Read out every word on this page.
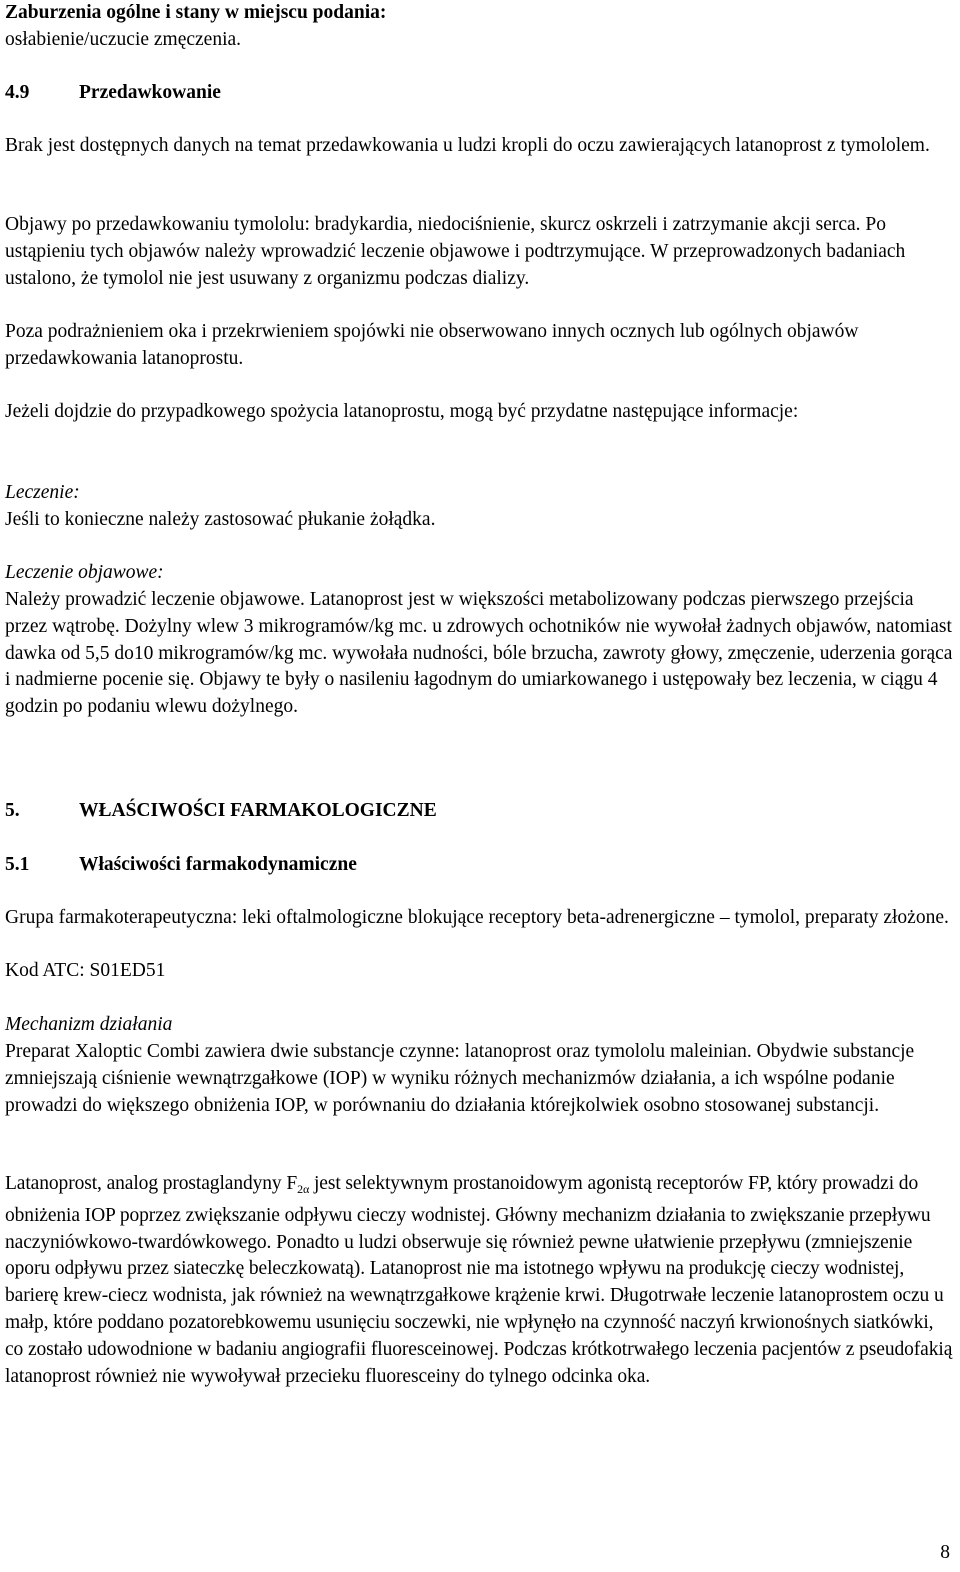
Zaburzenia ogólne i stany w miejscu podania:

osłabienie/uczucie zmęczenia.

4.9	Przedawkowanie

Brak jest dostępnych danych na temat przedawkowania u ludzi kropli do oczu zawierających latanoprost z tymololem.

Objawy po przedawkowaniu tymololu: bradykardia, niedociśnienie, skurcz oskrzeli i zatrzymanie akcji serca. Po ustąpieniu tych objawów należy wprowadzić leczenie objawowe i podtrzymujące. W przeprowadzonych badaniach ustalono, że tymolol nie jest usuwany z organizmu podczas dializy.

Poza podrażnieniem oka i przekrwieniem spojówki nie obserwowano innych ocznych lub ogólnych objawów przedawkowania latanoprostu.

Jeżeli dojdzie do przypadkowego spożycia latanoprostu, mogą być przydatne następujące informacje:

Leczenie:

Jeśli to konieczne należy zastosować płukanie żołądka.

Leczenie objawowe:

Należy prowadzić leczenie objawowe. Latanoprost jest w większości metabolizowany podczas pierwszego przejścia przez wątrobę. Dożylny wlew 3 mikrogramów/kg mc. u zdrowych ochotników nie wywołał żadnych objawów, natomiast dawka od 5,5 do10 mikrogramów/kg mc. wywołała nudności, bóle brzucha, zawroty głowy, zmęczenie, uderzenia gorąca i nadmierne pocenie się. Objawy te były o nasileniu łagodnym do umiarkowanego i ustępowały bez leczenia, w ciągu 4 godzin po podaniu wlewu dożylnego.

5.	WŁAŚCIWOŚCI FARMAKOLOGICZNE

5.1	Właściwości farmakodynamiczne

Grupa farmakoterapeutyczna: leki oftalmologiczne blokujące receptory beta-adrenergiczne – tymolol, preparaty złożone.

Kod ATC: S01ED51

Mechanizm działania

Preparat Xaloptic Combi zawiera dwie substancje czynne: latanoprost oraz tymololu maleinian. Obydwie substancje zmniejszają ciśnienie wewnątrzgałkowe (IOP) w wyniku różnych mechanizmów działania, a ich wspólne podanie prowadzi do większego obniżenia IOP, w porównaniu do działania którejkolwiek osobno stosowanej substancji.

Latanoprost, analog prostaglandyny $F_{2\alpha}$ jest selektywnym prostanoidowym agonistą receptorów FP, który prowadzi do obniżenia IOP poprzez zwiększanie odpływu cieczy wodnistej. Główny mechanizm działania to zwiększanie przepływu naczyniówkowo-twardówkowego. Ponadto u ludzi obserwuje się również pewne ułatwienie przepływu (zmniejszenie oporu odpływu przez siateczkę beleczkowatą). Latanoprost nie ma istotnego wpływu na produkcję cieczy wodnistej, barierę krew-ciecz wodnista, jak również na wewnątrzgałkowe krążenie krwi. Długotrwałe leczenie latanoprostem oczu u małp, które poddano pozatorebkowemu usunięciu soczewki, nie wpłynęło na czynność naczyń krwionośnych siatkówki, co zostało udowodnione w badaniu angiografii fluoresceinowej. Podczas krótkotrwałego leczenia pacjentów z pseudofakią latanoprost również nie wywoływał przecieku fluoresceiny do tylnego odcinka oka.

8
